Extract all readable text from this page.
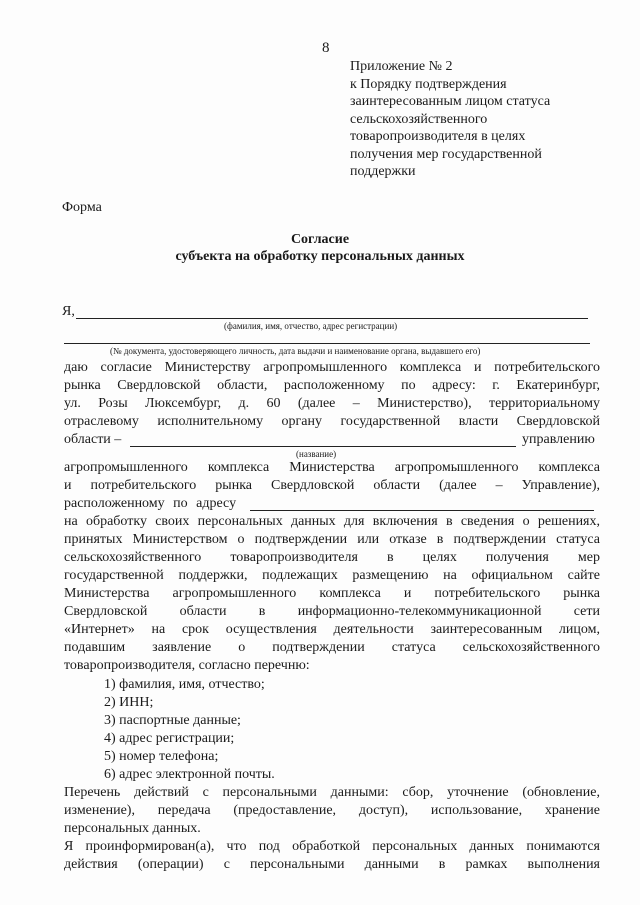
8
Приложение № 2
к Порядку подтверждения
заинтересованным лицом статуса
сельскохозяйственного
товаропроизводителя в целях
получения мер государственной
поддержки
Форма
Согласие
субъекта на обработку персональных данных
Я,
(фамилия, имя, отчество, адрес регистрации)
(№ документа, удостоверяющего личность, дата выдачи и наименование органа, выдавшего его)
даю согласие Министерству агропромышленного комплекса и потребительского
рынка Свердловской области, расположенному по адресу: г. Екатеринбург,
ул. Розы Люксембург, д. 60 (далее – Министерство), территориальному
отраслевому исполнительному органу государственной власти Свердловской
области –	управлению
(название)
агропромышленного комплекса Министерства агропромышленного комплекса
и потребительского рынка Свердловской области (далее – Управление),
расположенному по адресу
на обработку своих персональных данных для включения в сведения о решениях,
принятых Министерством о подтверждении или отказе в подтверждении статуса
сельскохозяйственного товаропроизводителя в целях получения мер
государственной поддержки, подлежащих размещению на официальном сайте
Министерства агропромышленного комплекса и потребительского рынка
Свердловской области в информационно-телекоммуникационной сети
«Интернет» на срок осуществления деятельности заинтересованным лицом,
подавшим заявление о подтверждении статуса сельскохозяйственного
товаропроизводителя, согласно перечню:
1) фамилия, имя, отчество;
2) ИНН;
3) паспортные данные;
4) адрес регистрации;
5) номер телефона;
6) адрес электронной почты.
Перечень действий с персональными данными: сбор, уточнение (обновление,
изменение), передача (предоставление, доступ), использование, хранение
персональных данных.
Я проинформирован(а), что под обработкой персональных данных понимаются
действия (операции) с персональными данными в рамках выполнения
